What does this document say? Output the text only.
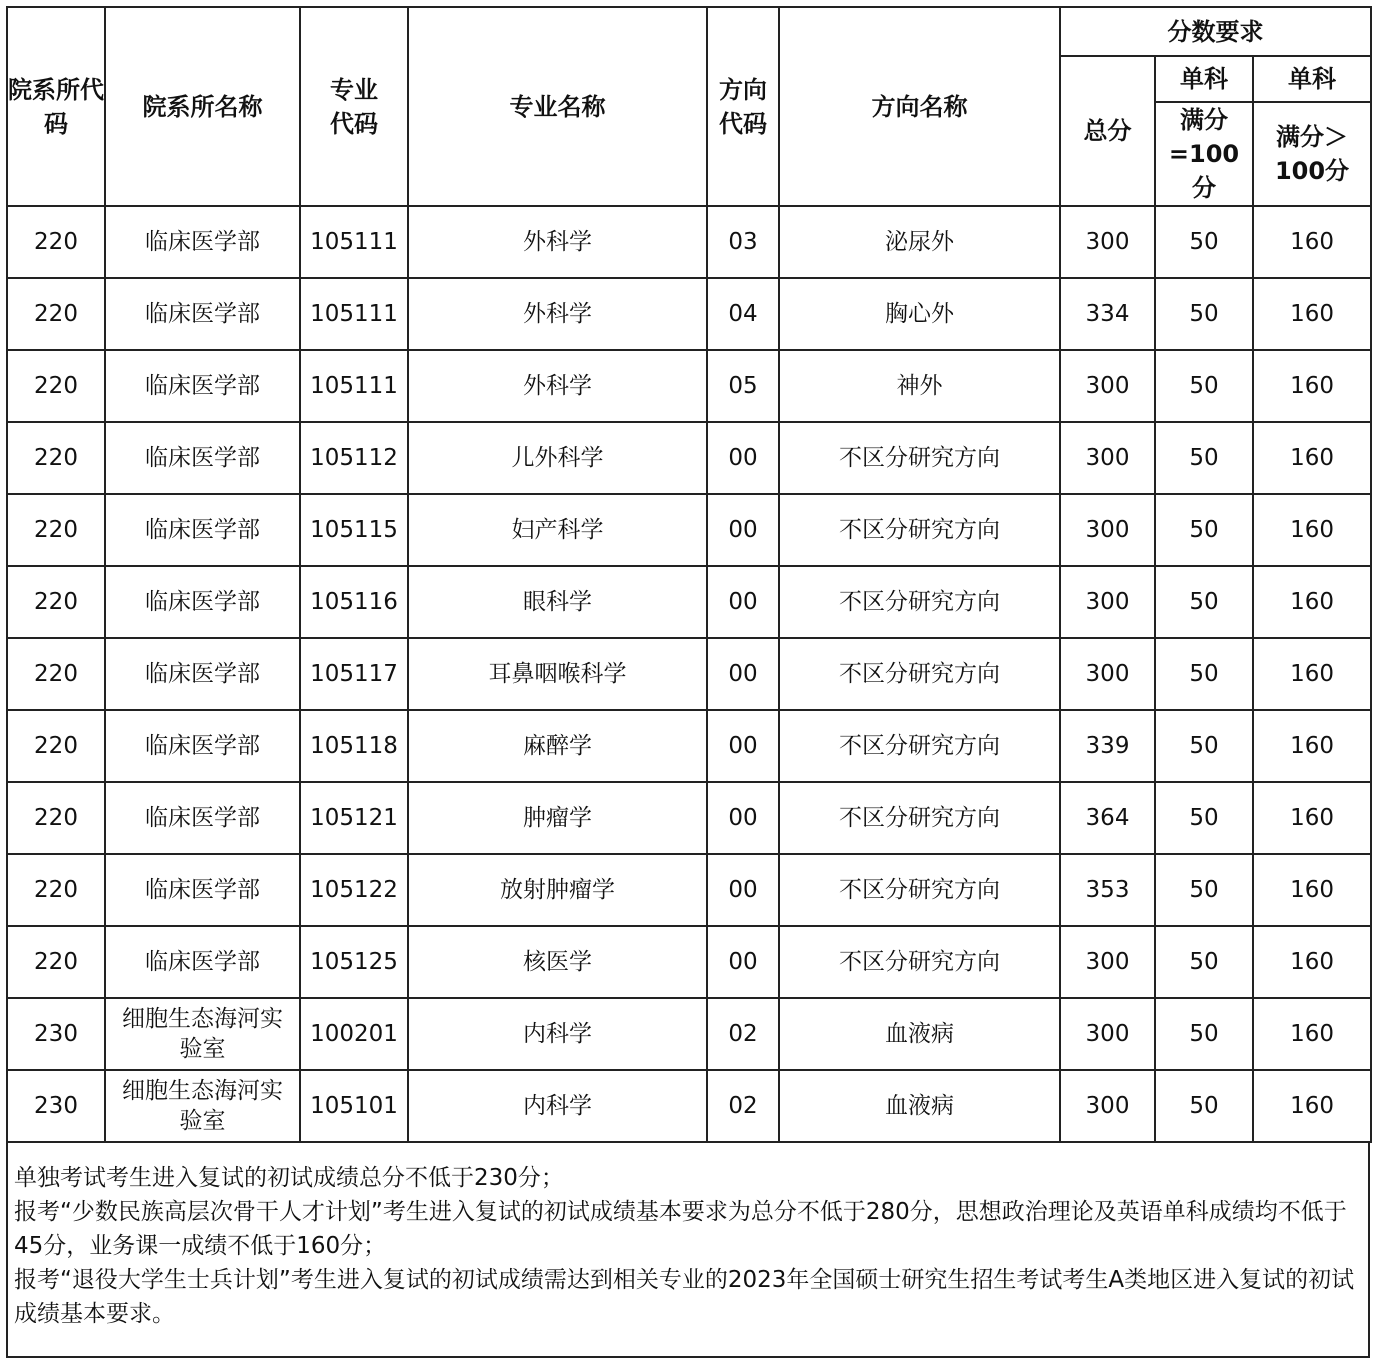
院系所代码	院系所名称	专业代码	专业名称	方向代码	方向名称	分数要求		
						总分	单科	单科
							满分=100分	满分＞100分
220	临床医学部	105111	外科学	03	泌尿外	300	50	160
220	临床医学部	105111	外科学	04	胸心外	334	50	160
220	临床医学部	105111	外科学	05	神外	300	50	160
220	临床医学部	105112	儿外科学	00	不区分研究方向	300	50	160
220	临床医学部	105115	妇产科学	00	不区分研究方向	300	50	160
220	临床医学部	105116	眼科学	00	不区分研究方向	300	50	160
220	临床医学部	105117	耳鼻咽喉科学	00	不区分研究方向	300	50	160
220	临床医学部	105118	麻醉学	00	不区分研究方向	339	50	160
220	临床医学部	105121	肿瘤学	00	不区分研究方向	364	50	160
220	临床医学部	105122	放射肿瘤学	00	不区分研究方向	353	50	160
220	临床医学部	105125	核医学	00	不区分研究方向	300	50	160
230	细胞生态海河实验室	100201	内科学	02	血液病	300	50	160
230	细胞生态海河实验室	105101	内科学	02	血液病	300	50	160

单独考试考生进入复试的初试成绩总分不低于230分；

报考“少数民族高层次骨干人才计划”考生进入复试的初试成绩基本要求为总分不低于280分，思想政治理论及英语单科成绩均不低于45分，业务课一成绩不低于160分；

报考“退役大学生士兵计划”考生进入复试的初试成绩需达到相关专业的2023年全国硕士研究生招生考试考生A类地区进入复试的初试成绩基本要求。
